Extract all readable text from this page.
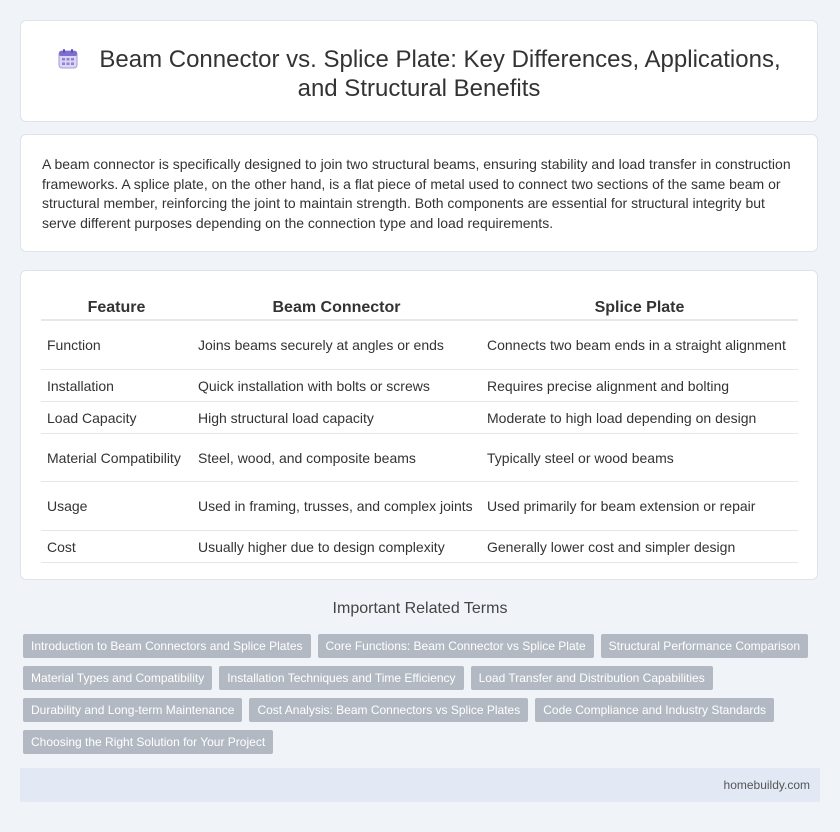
Beam Connector vs. Splice Plate: Key Differences, Applications,
and Structural Benefits
A beam connector is specifically designed to join two structural beams, ensuring stability and load transfer in construction frameworks. A splice plate, on the other hand, is a flat piece of metal used to connect two sections of the same beam or structural member, reinforcing the joint to maintain strength. Both components are essential for structural integrity but serve different purposes depending on the connection type and load requirements.
Feature	Beam Connector	Splice Plate
Function	Joins beams securely at angles or ends	Connects two beam ends in a straight alignment
Installation	Quick installation with bolts or screws	Requires precise alignment and bolting
Load Capacity	High structural load capacity	Moderate to high load depending on design
Material Compatibility	Steel, wood, and composite beams	Typically steel or wood beams
Usage	Used in framing, trusses, and complex joints	Used primarily for beam extension or repair
Cost	Usually higher due to design complexity	Generally lower cost and simpler design
Important Related Terms
Introduction to Beam Connectors and Splice Plates Core Functions: Beam Connector vs Splice Plate Structural Performance Comparison
Material Types and Compatibility Installation Techniques and Time Efficiency Load Transfer and Distribution Capabilities
Durability and Long-term Maintenance Cost Analysis: Beam Connectors vs Splice Plates Code Compliance and Industry Standards
Choosing the Right Solution for Your Project
homebuildy.com
